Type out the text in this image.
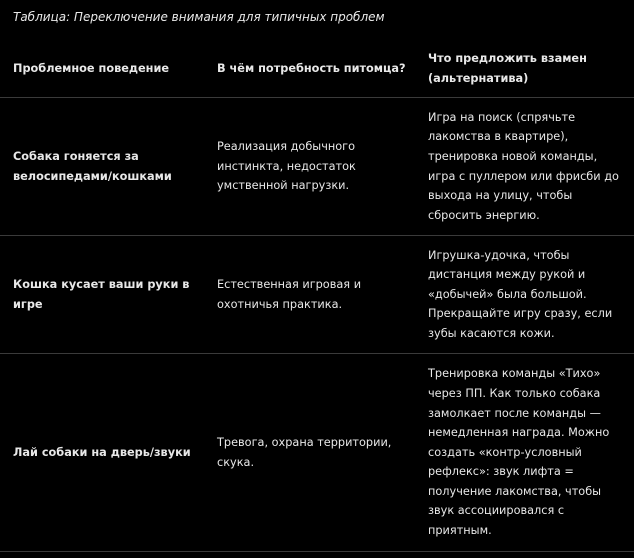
Таблица: Переключение внимания для типичных проблем
Проблемное поведение	В чём потребность питомца?	Что предложить взамен (альтернатива)
Собака гоняется за велосипедами/кошками	Реализация добычного инстинкта, недостаток умственной нагрузки.	Игра на поиск (спрячьте лакомства в квартире), тренировка новой команды, игра с пуллером или фрисби до выхода на улицу, чтобы сбросить энергию.
Кошка кусает ваши руки в игре	Естественная игровая и охотничья практика.	Игрушка-удочка, чтобы дистанция между рукой и «добычей» была большой. Прекращайте игру сразу, если зубы касаются кожи.
Лай собаки на дверь/звуки	Тревога, охрана территории, скука.	Тренировка команды «Тихо» через ПП. Как только собака замолкает после команды — немедленная награда. Можно создать «контр-условный рефлекс»: звук лифта = получение лакомства, чтобы звук ассоциировался с приятным.
